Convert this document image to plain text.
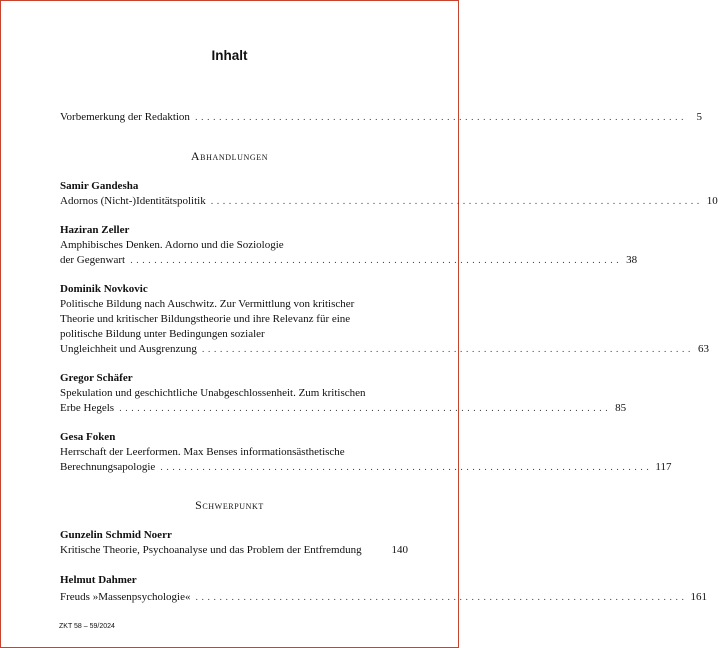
Inhalt
Vorbemerkung der Redaktion .................................................................................. 5
Abhandlungen
Samir Gandesha
Adornos (Nicht-)Identitätspolitik .................................................................................. 10
Haziran Zeller
Amphibisches Denken. Adorno und die Soziologie
der Gegenwart .................................................................................. 38
Dominik Novkovic
Politische Bildung nach Auschwitz. Zur Vermittlung von kritischer
Theorie und kritischer Bildungstheorie und ihre Relevanz für eine
politische Bildung unter Bedingungen sozialer
Ungleichheit und Ausgrenzung .................................................................................. 63
Gregor Schäfer
Spekulation und geschichtliche Unabgeschlossenheit. Zum kritischen
Erbe Hegels .................................................................................. 85
Gesa Foken
Herrschaft der Leerformen. Max Benses informationsästhetische
Berechnungsapologie .................................................................................. 117
Schwerpunkt
Gunzelin Schmid Noerr
Kritische Theorie, Psychoanalyse und das Problem der Entfremdung	140
Helmut Dahmer
Freuds »Massenpsychologie« .................................................................................. 161
ZKT 58 – 59/2024
